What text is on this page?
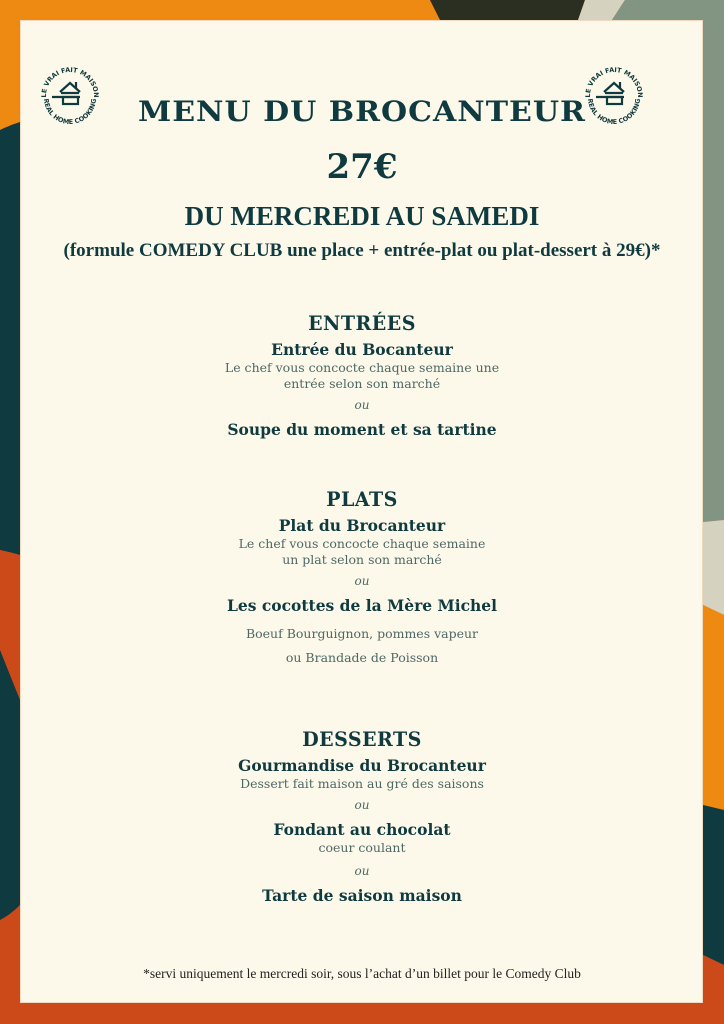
LE VRAI FAIT MAISON
REAL HOME COOKING
LE VRAI FAIT MAISON
REAL HOME COOKING
MENU DU BROCANTEUR
27€
DU MERCREDI AU SAMEDI
(formule COMEDY CLUB une place + entrée-plat ou plat-dessert à 29€)*
ENTRÉES
Entrée du Bocanteur
Le chef vous concocte chaque semaine une
entrée selon son marché
ou
Soupe du moment et sa tartine
PLATS
Plat du Brocanteur
Le chef vous concocte chaque semaine
un plat selon son marché
ou
Les cocottes de la Mère Michel
Boeuf Bourguignon, pommes vapeur
ou Brandade de Poisson
DESSERTS
Gourmandise du Brocanteur
Dessert fait maison au gré des saisons
ou
Fondant au chocolat
coeur coulant
ou
Tarte de saison maison
*servi uniquement le mercredi soir, sous l’achat d’un billet pour le Comedy Club
